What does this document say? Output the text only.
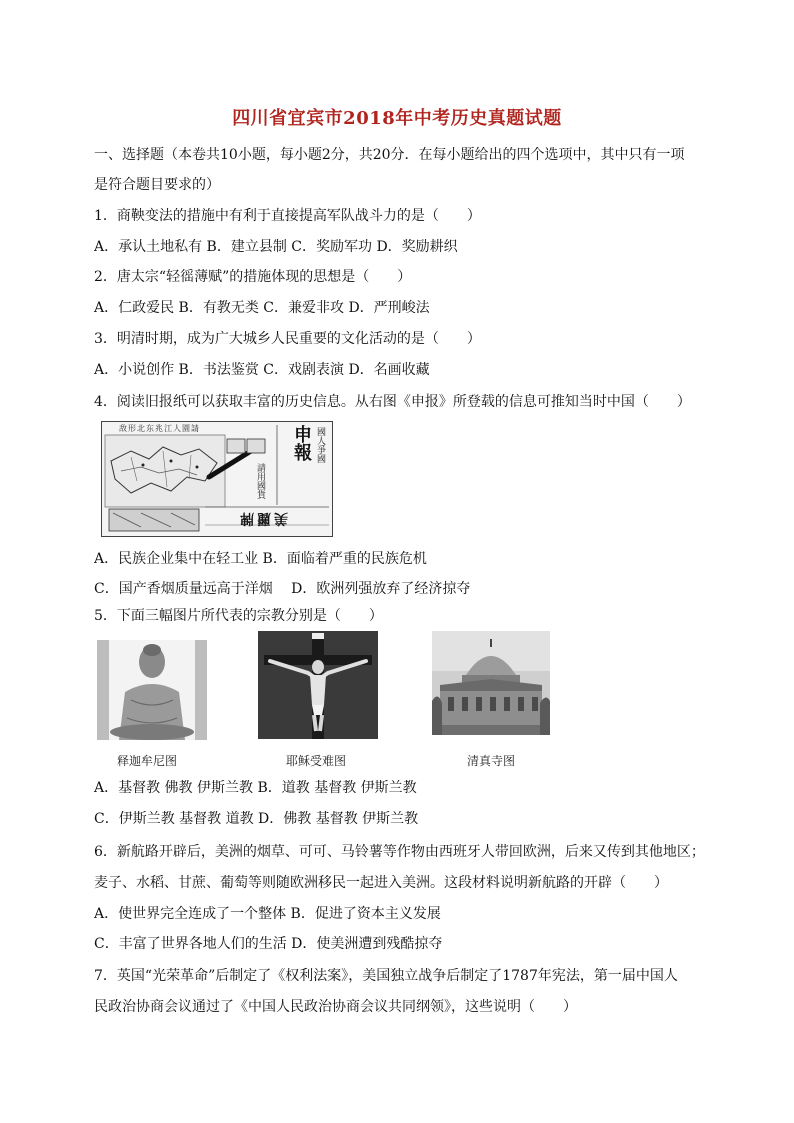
四川省宜宾市2018年中考历史真题试题
一、选择题（本卷共10小题，每小题2分，共20分．在每小题给出的四个选项中，其中只有一项
是符合题目要求的）
1．商鞅变法的措施中有利于直接提高军队战斗力的是（　　）
A．承认土地私有 B．建立县制 C．奖励军功 D．奖励耕织
2．唐太宗“轻徭薄赋”的措施体现的思想是（　　）
A．仁政爱民 B．有教无类 C．兼爱非攻 D．严刑峻法
3．明清时期，成为广大城乡人民重要的文化活动的是（　　）
A．小说创作 B．书法鉴赏 C．戏剧表演 D．名画收藏
4．阅读旧报纸可以获取丰富的历史信息。从右图《申报》所登载的信息可推知当时中国（　　）
敌形北东兆江人園請	申報 國人爭國
請用國貨
美麗牌
A．民族企业集中在轻工业 B．面临着严重的民族危机
C．国产香烟质量远高于洋烟　 D．欧洲列强放弃了经济掠夺
5．下面三幅图片所代表的宗教分别是（　　）
释迦牟尼图	耶稣受难图	清真寺图
A．基督教 佛教 伊斯兰教 B．道教 基督教 伊斯兰教
C．伊斯兰教 基督教 道教 D．佛教 基督教 伊斯兰教
6．新航路开辟后，美洲的烟草、可可、马铃薯等作物由西班牙人带回欧洲，后来又传到其他地区；
麦子、水稻、甘蔗、葡萄等则随欧洲移民一起进入美洲。这段材料说明新航路的开辟（　　）
A．使世界完全连成了一个整体 B．促进了资本主义发展
C．丰富了世界各地人们的生活 D．使美洲遭到残酷掠夺
7．英国“光荣革命”后制定了《权利法案》，美国独立战争后制定了1787年宪法，第一届中国人
民政治协商会议通过了《中国人民政治协商会议共同纲领》，这些说明（　　）
